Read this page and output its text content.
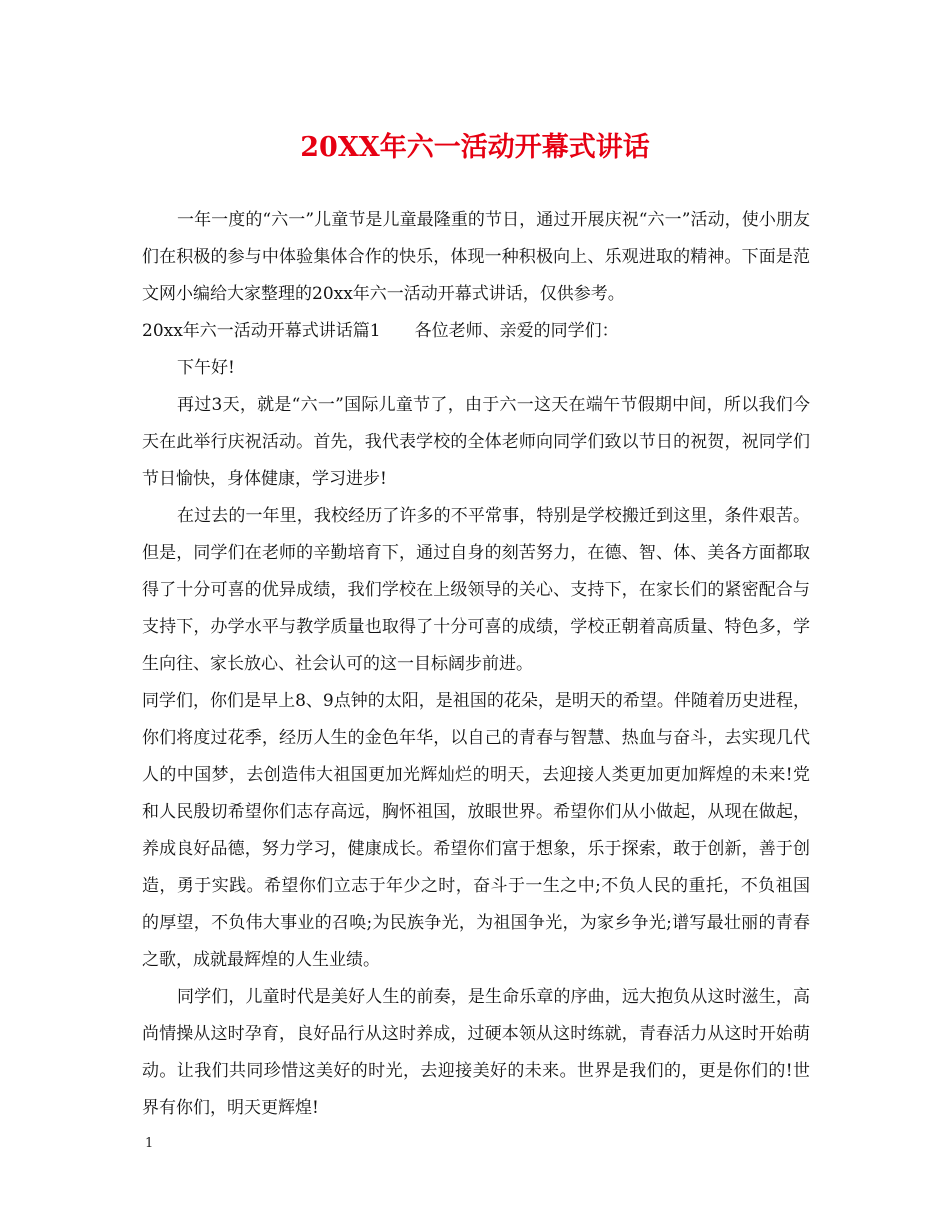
20XX年六一活动开幕式讲话

一年一度的“六一”儿童节是儿童最隆重的节日，通过开展庆祝“六一”活动，使小朋友们在积极的参与中体验集体合作的快乐，体现一种积极向上、乐观进取的精神。下面是范文网小编给大家整理的20xx年六一活动开幕式讲话，仅供参考。

20xx年六一活动开幕式讲话篇1　　各位老师、亲爱的同学们：

下午好!

再过3天，就是“六一”国际儿童节了，由于六一这天在端午节假期中间，所以我们今天在此举行庆祝活动。首先，我代表学校的全体老师向同学们致以节日的祝贺，祝同学们节日愉快，身体健康，学习进步!

在过去的一年里，我校经历了许多的不平常事，特别是学校搬迁到这里，条件艰苦。但是，同学们在老师的辛勤培育下，通过自身的刻苦努力，在德、智、体、美各方面都取得了十分可喜的优异成绩，我们学校在上级领导的关心、支持下，在家长们的紧密配合与支持下，办学水平与教学质量也取得了十分可喜的成绩，学校正朝着高质量、特色多，学生向往、家长放心、社会认可的这一目标阔步前进。

同学们，你们是早上8、9点钟的太阳，是祖国的花朵，是明天的希望。伴随着历史进程，你们将度过花季，经历人生的金色年华，以自己的青春与智慧、热血与奋斗，去实现几代人的中国梦，去创造伟大祖国更加光辉灿烂的明天，去迎接人类更加更加辉煌的未来!党和人民殷切希望你们志存高远，胸怀祖国，放眼世界。希望你们从小做起，从现在做起，养成良好品德，努力学习，健康成长。希望你们富于想象，乐于探索，敢于创新，善于创造，勇于实践。希望你们立志于年少之时，奋斗于一生之中;不负人民的重托，不负祖国的厚望，不负伟大事业的召唤;为民族争光，为祖国争光，为家乡争光;谱写最壮丽的青春之歌，成就最辉煌的人生业绩。

同学们，儿童时代是美好人生的前奏，是生命乐章的序曲，远大抱负从这时滋生，高尚情操从这时孕育，良好品行从这时养成，过硬本领从这时练就，青春活力从这时开始萌动。让我们共同珍惜这美好的时光，去迎接美好的未来。世界是我们的，更是你们的!世界有你们，明天更辉煌!

1
